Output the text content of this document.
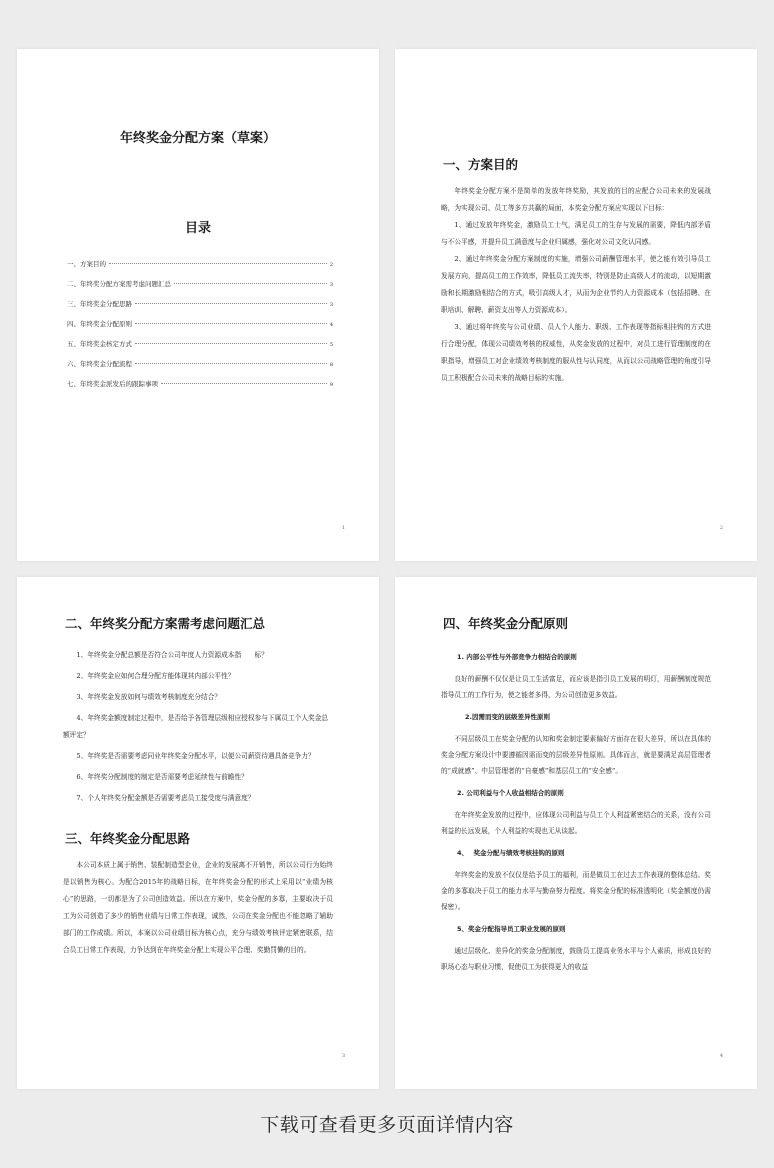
年终奖金分配方案（草案）
目录
一、方案目的	2
二、年终奖分配方案需考虑问题汇总	3
三、年终奖金分配思路	3
四、年终奖金分配原则	4
五、年终奖金核定方式	5
六、年终奖金分配流程	8
七、年终奖金派发后的跟踪事项	9
1
一、方案目的

年终奖金分配方案不是简单的发放年终奖励，其发放的目的应配合公司未来的发展战略，为实现公司、员工等多方共赢的局面，本奖金分配方案应实现以下目标：

1、通过发放年终奖金，激励员工士气，满足员工的生存与发展的需要，降低内部矛盾与不公平感，并提升员工满意度与企业归属感，强化对公司文化认同感。

2、通过年终奖金分配方案制度的实施，增强公司薪酬管理水平，使之能有效引导员工发展方向，提高员工的工作效率，降低员工流失率，特别是防止高级人才的流动，以短期激励和长期激励相结合的方式，吸引高级人才，从而为企业节约人力资源成本（包括招聘、在职培训、解聘、薪资支出等人力资源成本）。

3、通过将年终奖与公司业绩、员人个人能力、职级、工作表现等指标相挂钩的方式进行合理分配，体现公司绩效考核的权威性，从奖金发放的过程中，对员工进行管理制度的在职指导，增强员工对企业绩效考核制度的服从性与认同度，从而以公司战略管理的角度引导员工积极配合公司未来的战略目标的实施。

2
二、年终奖分配方案需考虑问题汇总

1、年终奖金分配总额是否符合公司年度人力资源成本指　　标？

2、年终奖金应如何合理分配方能体现其内部公平性？

3、年终奖金发放如何与绩效考核制度充分结合？

4、年终奖金额度制定过程中，是否给予各管理层级相应授权参与下属员工个人奖金总额评定？

5、年终奖是否需要考虑同业年终奖金分配水平，以便公司薪资待遇具备竞争力？

6、年终奖分配制度的制定是否需要考虑延续性与前瞻性？

7、个人年终奖分配金额是否需要考虑员工接受度与满意度？

三、年终奖金分配思路

本公司本质上属于销售、装配制造型企业，企业的发展离不开销售，所以公司行为始终是以销售为核心。为配合2015年的战略目标，在年终奖金分配的形式上采用以“业绩为核心”的思路，一切都是为了公司创造效益。所以在方案中，奖金分配的多寡，主要取决于员工为公司创造了多少的销售业绩与日常工作表现，诚然，公司在奖金分配也不能忽略了辅助部门的工作成绩。所以，本案以公司业绩目标为核心点，充分与绩效考核评定紧密联系，结合员工日常工作表现，力争达到在年终奖金分配上实现公平合理、奖勤罚懒的目的。

3
四、年终奖金分配原则
1. 内部公平性与外部竞争力相结合的原则

良好的薪酬不仅仅是让员工生活富足，而应该是指引员工发展的明灯，用薪酬制度规范指导员工的工作行为，使之能者多得，为公司创造更多效益。

2.因需而变的层级差异性原则

不同层级员工在奖金分配的认知和奖金制定要素偏好方面存在很大差异，所以在具体的奖金分配方案设计中要遵循因需而变的层级差异性原则。具体而言，就是要满足高层管理者的“成就感”、中层管理者的“自豪感”和基层员工的“安全感”。

2. 公司利益与个人收益相结合的原则

在年终奖金发放的过程中，应体现公司利益与员工个人利益紧密结合的关系，没有公司利益的长远发展，个人利益的实现也无从谈起。

4、　 奖金分配与绩效考核挂钩的原则

年终奖金的发放不仅仅是给予员工的福利，而是做员工在过去工作表现的整体总结。奖金的多寡取决于员工的能力水平与勤奋努力程度。将奖金分配的标准透明化（奖金额度仍需保密）。

5、奖金分配指导员工职业发展的原则

通过层级化、差异化的奖金分配制度，鼓励员工提高业务水平与个人素质，形成良好的职场心态与职业习惯，促使员工为获得更大的收益

4
下载可查看更多页面详情内容
